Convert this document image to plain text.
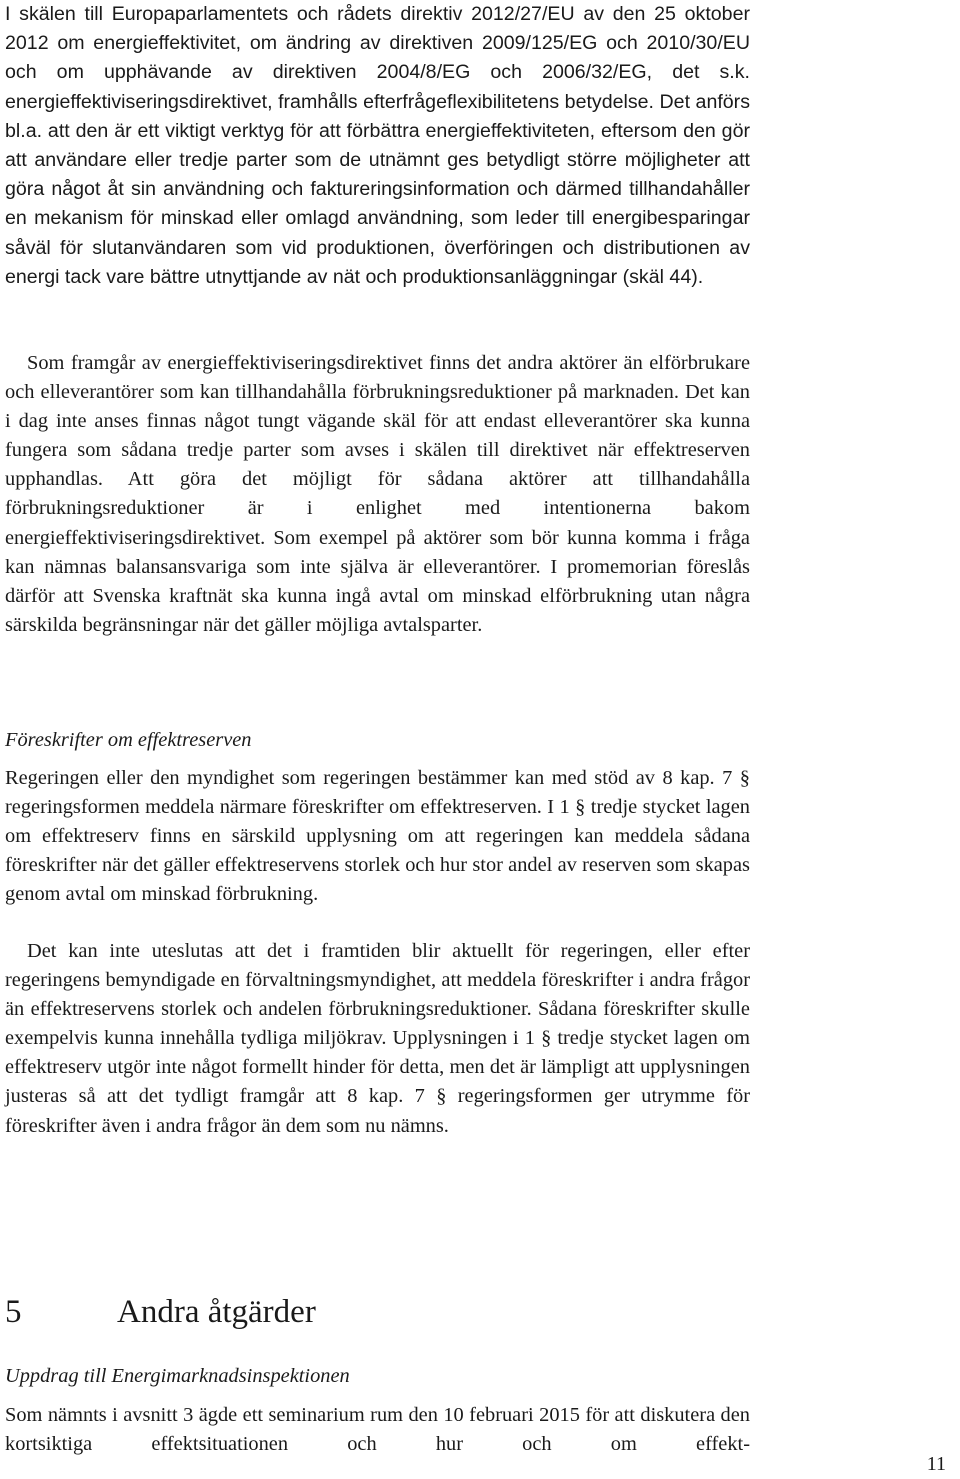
I skälen till Europaparlamentets och rådets direktiv 2012/27/EU av den 25 oktober 2012 om energieffektivitet, om ändring av direktiven 2009/125/EG och 2010/30/EU och om upphävande av direktiven 2004/8/EG och 2006/32/EG, det s.k. energieffektiviseringsdirektivet, framhålls efterfrågeflexibilitetens betydelse. Det anförs bl.a. att den är ett viktigt verktyg för att förbättra energieffektiviteten, eftersom den gör att användare eller tredje parter som de utnämnt ges betydligt större möjligheter att göra något åt sin användning och faktureringsinformation och därmed tillhandahåller en mekanism för minskad eller omlagd användning, som leder till energibesparingar såväl för slutanvändaren som vid produktionen, överföringen och distributionen av energi tack vare bättre utnyttjande av nät och produktionsanläggningar (skäl 44).

Som framgår av energieffektiviseringsdirektivet finns det andra aktörer än elförbrukare och elleverantörer som kan tillhandahålla förbrukningsreduktioner på marknaden. Det kan i dag inte anses finnas något tungt vägande skäl för att endast elleverantörer ska kunna fungera som sådana tredje parter som avses i skälen till direktivet när effektreserven upphandlas. Att göra det möjligt för sådana aktörer att tillhandahålla förbrukningsreduktioner är i enlighet med intentionerna bakom energieffektiviseringsdirektivet. Som exempel på aktörer som bör kunna komma i fråga kan nämnas balansansvariga som inte själva är elleverantörer. I promemorian föreslås därför att Svenska kraftnät ska kunna ingå avtal om minskad elförbrukning utan några särskilda begränsningar när det gäller möjliga avtalsparter.

Föreskrifter om effektreserven

Regeringen eller den myndighet som regeringen bestämmer kan med stöd av 8 kap. 7 § regeringsformen meddela närmare föreskrifter om effektreserven. I 1 § tredje stycket lagen om effektreserv finns en särskild upplysning om att regeringen kan meddela sådana föreskrifter när det gäller effektreservens storlek och hur stor andel av reserven som skapas genom avtal om minskad förbrukning.

Det kan inte uteslutas att det i framtiden blir aktuellt för regeringen, eller efter regeringens bemyndigade en förvaltningsmyndighet, att meddela föreskrifter i andra frågor än effektreservens storlek och andelen förbrukningsreduktioner. Sådana föreskrifter skulle exempelvis kunna innehålla tydliga miljökrav. Upplysningen i 1 § tredje stycket lagen om effektreserv utgör inte något formellt hinder för detta, men det är lämpligt att upplysningen justeras så att det tydligt framgår att 8 kap. 7 § regeringsformen ger utrymme för föreskrifter även i andra frågor än dem som nu nämns.

5	Andra åtgärder

Uppdrag till Energimarknadsinspektionen

Som nämnts i avsnitt 3 ägde ett seminarium rum den 10 februari 2015 för att diskutera den kortsiktiga effektsituationen och hur och om effekt-

11
